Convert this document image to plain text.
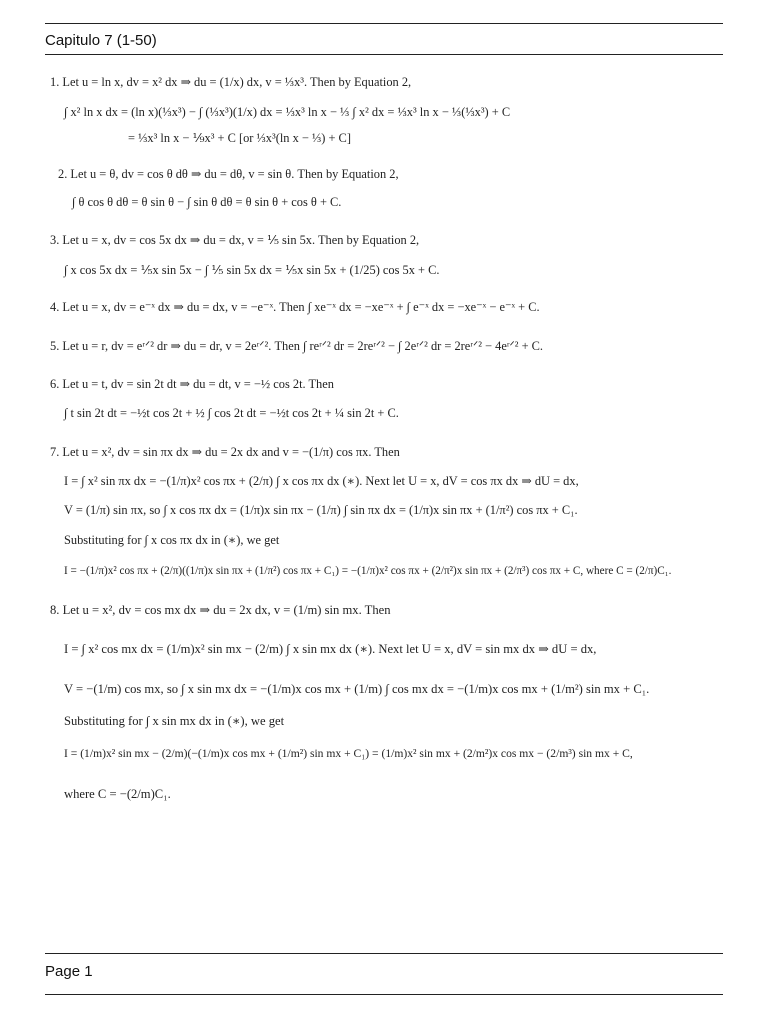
Capitulo 7 (1-50)
1. Let u = ln x, dv = x² dx ⇒ du = (1/x) dx, v = ⅓x³. Then by Equation 2,
∫ x² ln x dx = (ln x)(⅓x³) − ∫ (⅓x³)(1/x) dx = ⅓x³ ln x − ⅓ ∫ x² dx = ⅓x³ ln x − ⅓(⅓x³) + C
= ⅓x³ ln x − ⅑x³ + C [or ⅓x³(ln x − ⅓) + C]
2. Let u = θ, dv = cos θ dθ ⇒ du = dθ, v = sin θ. Then by Equation 2,
∫ θ cos θ dθ = θ sin θ − ∫ sin θ dθ = θ sin θ + cos θ + C.
3. Let u = x, dv = cos 5x dx ⇒ du = dx, v = ⅕ sin 5x. Then by Equation 2,
∫ x cos 5x dx = ⅕x sin 5x − ∫ ⅕ sin 5x dx = ⅕x sin 5x + (1/25) cos 5x + C.
4. Let u = x, dv = e⁻ˣ dx ⇒ du = dx, v = −e⁻ˣ. Then ∫ xe⁻ˣ dx = −xe⁻ˣ + ∫ e⁻ˣ dx = −xe⁻ˣ − e⁻ˣ + C.
5. Let u = r, dv = eʳᐟ² dr ⇒ du = dr, v = 2eʳᐟ². Then ∫ reʳᐟ² dr = 2reʳᐟ² − ∫ 2eʳᐟ² dr = 2reʳᐟ² − 4eʳᐟ² + C.
6. Let u = t, dv = sin 2t dt ⇒ du = dt, v = −½ cos 2t. Then
∫ t sin 2t dt = −½t cos 2t + ½ ∫ cos 2t dt = −½t cos 2t + ¼ sin 2t + C.
7. Let u = x², dv = sin πx dx ⇒ du = 2x dx and v = −(1/π) cos πx. Then
I = ∫ x² sin πx dx = −(1/π)x² cos πx + (2/π) ∫ x cos πx dx (∗). Next let U = x, dV = cos πx dx ⇒ dU = dx,
V = (1/π) sin πx, so ∫ x cos πx dx = (1/π)x sin πx − (1/π) ∫ sin πx dx = (1/π)x sin πx + (1/π²) cos πx + C₁.
Substituting for ∫ x cos πx dx in (∗), we get
I = −(1/π)x² cos πx + (2/π)((1/π)x sin πx + (1/π²) cos πx + C₁) = −(1/π)x² cos πx + (2/π²)x sin πx + (2/π³) cos πx + C, where C = (2/π)C₁.
8. Let u = x², dv = cos mx dx ⇒ du = 2x dx, v = (1/m) sin mx. Then
I = ∫ x² cos mx dx = (1/m)x² sin mx − (2/m) ∫ x sin mx dx (∗). Next let U = x, dV = sin mx dx ⇒ dU = dx,
V = −(1/m) cos mx, so ∫ x sin mx dx = −(1/m)x cos mx + (1/m) ∫ cos mx dx = −(1/m)x cos mx + (1/m²) sin mx + C₁.
Substituting for ∫ x sin mx dx in (∗), we get
I = (1/m)x² sin mx − (2/m)(−(1/m)x cos mx + (1/m²) sin mx + C₁) = (1/m)x² sin mx + (2/m²)x cos mx − (2/m³) sin mx + C,
where C = −(2/m)C₁.
Page 1
